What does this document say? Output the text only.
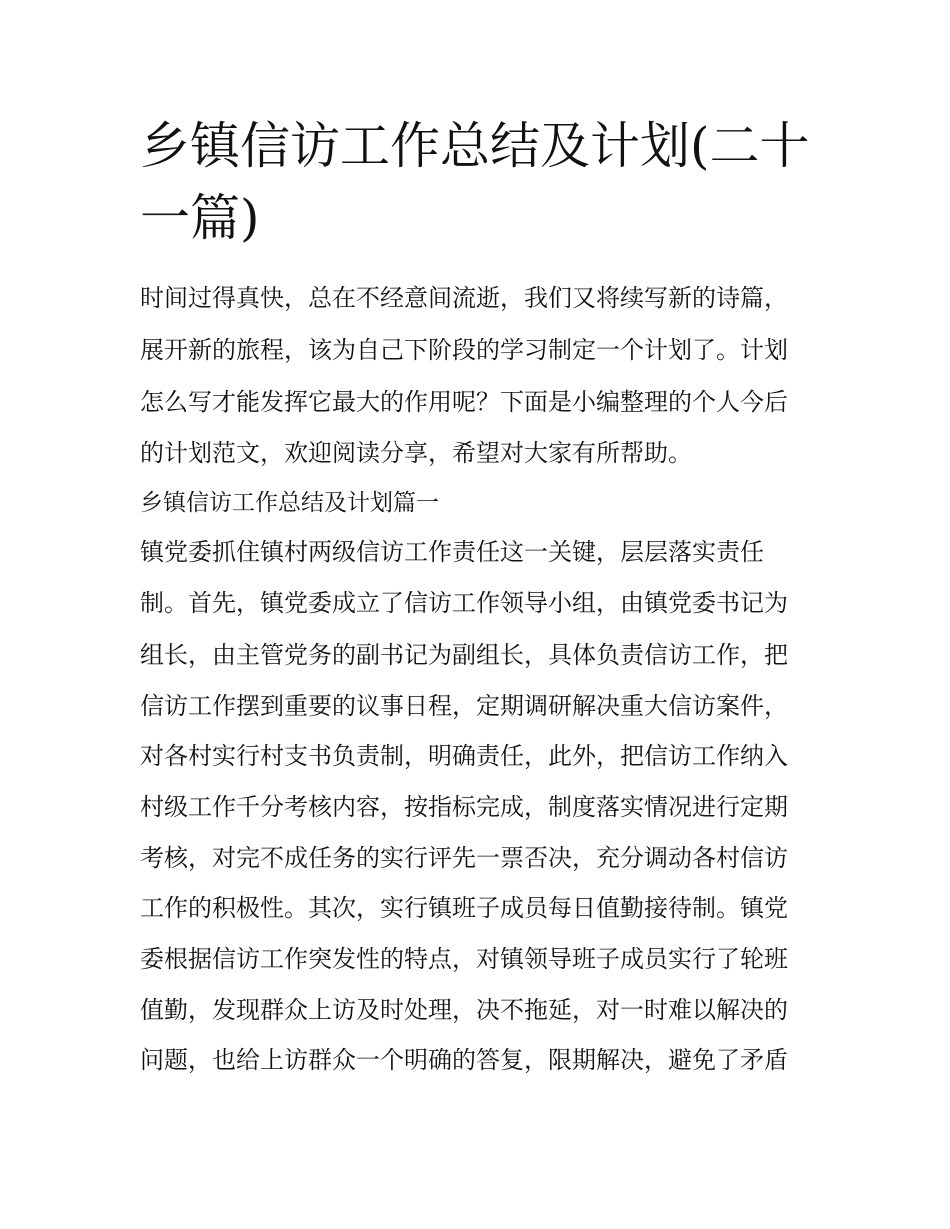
乡镇信访工作总结及计划(二十
一篇)

时间过得真快，总在不经意间流逝，我们又将续写新的诗篇，

展开新的旅程，该为自己下阶段的学习制定一个计划了。计划

怎么写才能发挥它最大的作用呢？下面是小编整理的个人今后

的计划范文，欢迎阅读分享，希望对大家有所帮助。

乡镇信访工作总结及计划篇一

镇党委抓住镇村两级信访工作责任这一关键，层层落实责任

制。首先，镇党委成立了信访工作领导小组，由镇党委书记为

组长，由主管党务的副书记为副组长，具体负责信访工作，把

信访工作摆到重要的议事日程，定期调研解决重大信访案件，

对各村实行村支书负责制，明确责任，此外，把信访工作纳入

村级工作千分考核内容，按指标完成，制度落实情况进行定期

考核，对完不成任务的实行评先一票否决，充分调动各村信访

工作的积极性。其次，实行镇班子成员每日值勤接待制。镇党

委根据信访工作突发性的特点，对镇领导班子成员实行了轮班

值勤，发现群众上访及时处理，决不拖延，对一时难以解决的

问题，也给上访群众一个明确的答复，限期解决，避免了矛盾
